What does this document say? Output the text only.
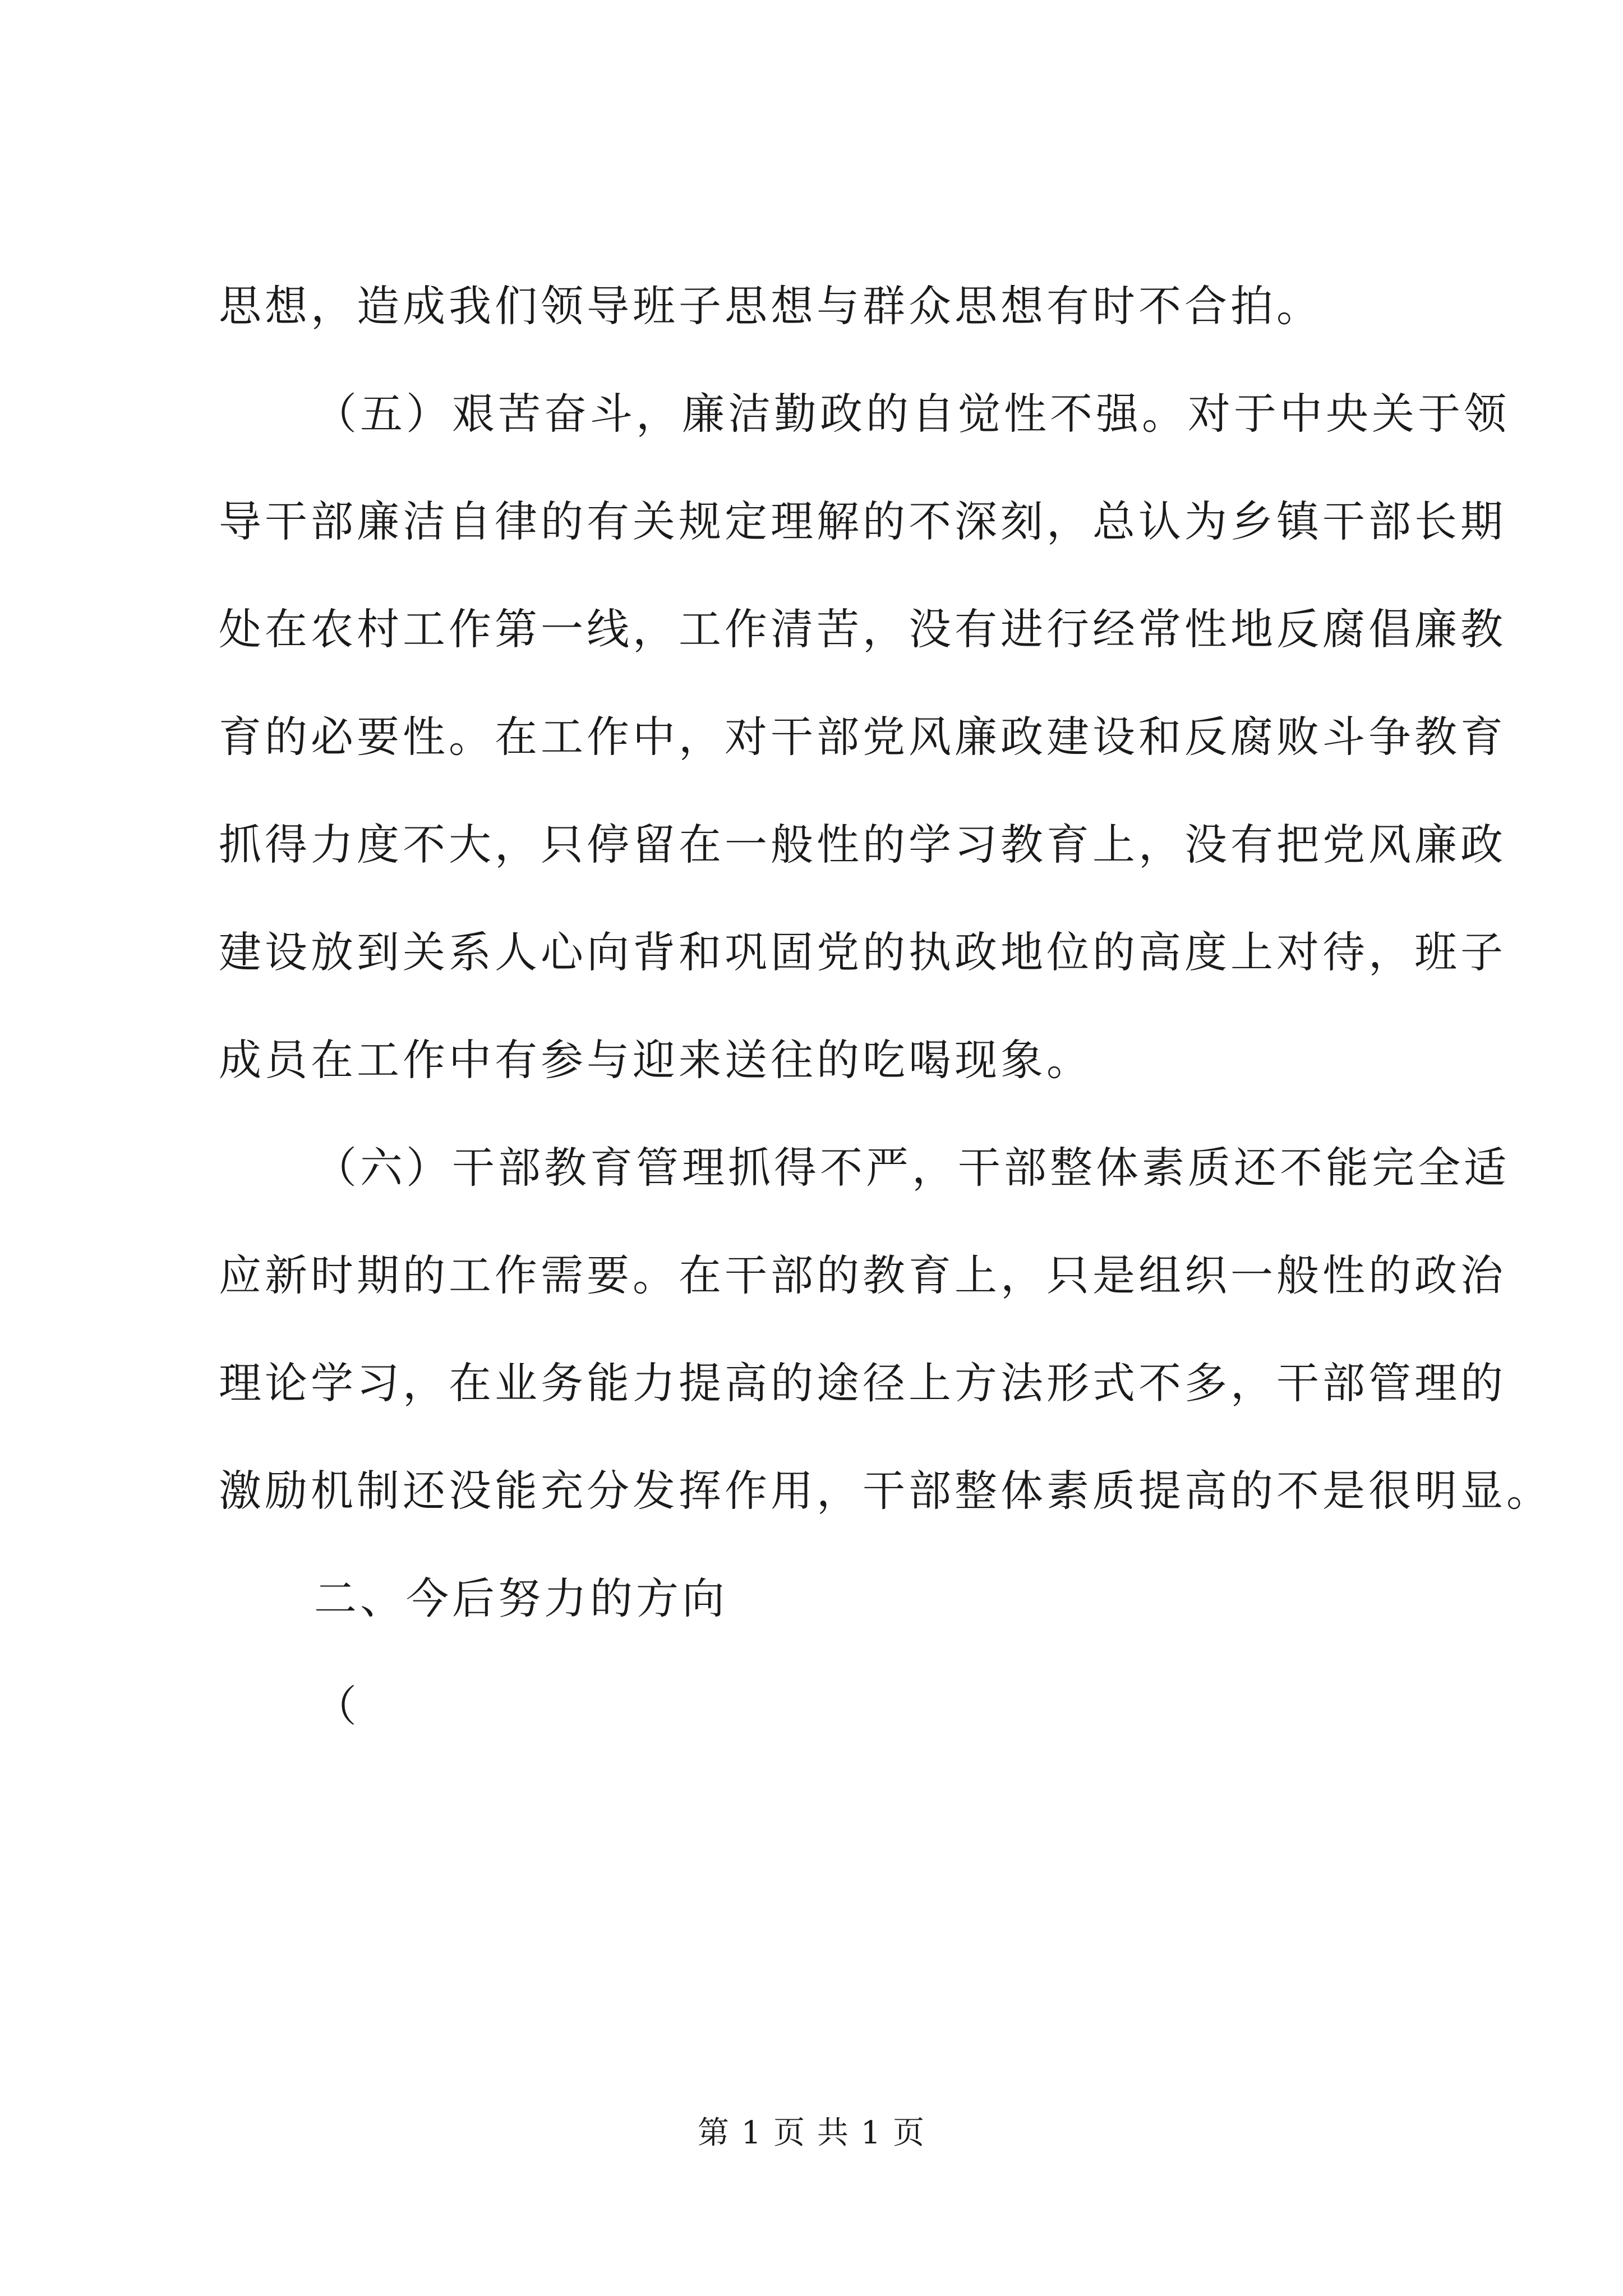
思想，造成我们领导班子思想与群众思想有时不合拍。
（五）艰苦奋斗，廉洁勤政的自觉性不强。对于中央关于领
导干部廉洁自律的有关规定理解的不深刻，总认为乡镇干部长期
处在农村工作第一线，工作清苦，没有进行经常性地反腐倡廉教
育的必要性。在工作中，对干部党风廉政建设和反腐败斗争教育
抓得力度不大，只停留在一般性的学习教育上，没有把党风廉政
建设放到关系人心向背和巩固党的执政地位的高度上对待，班子
成员在工作中有参与迎来送往的吃喝现象。
（六）干部教育管理抓得不严，干部整体素质还不能完全适
应新时期的工作需要。在干部的教育上，只是组织一般性的政治
理论学习，在业务能力提高的途径上方法形式不多，干部管理的
激励机制还没能充分发挥作用，干部整体素质提高的不是很明显。
二、今后努力的方向
（
第 1 页 共 1 页
